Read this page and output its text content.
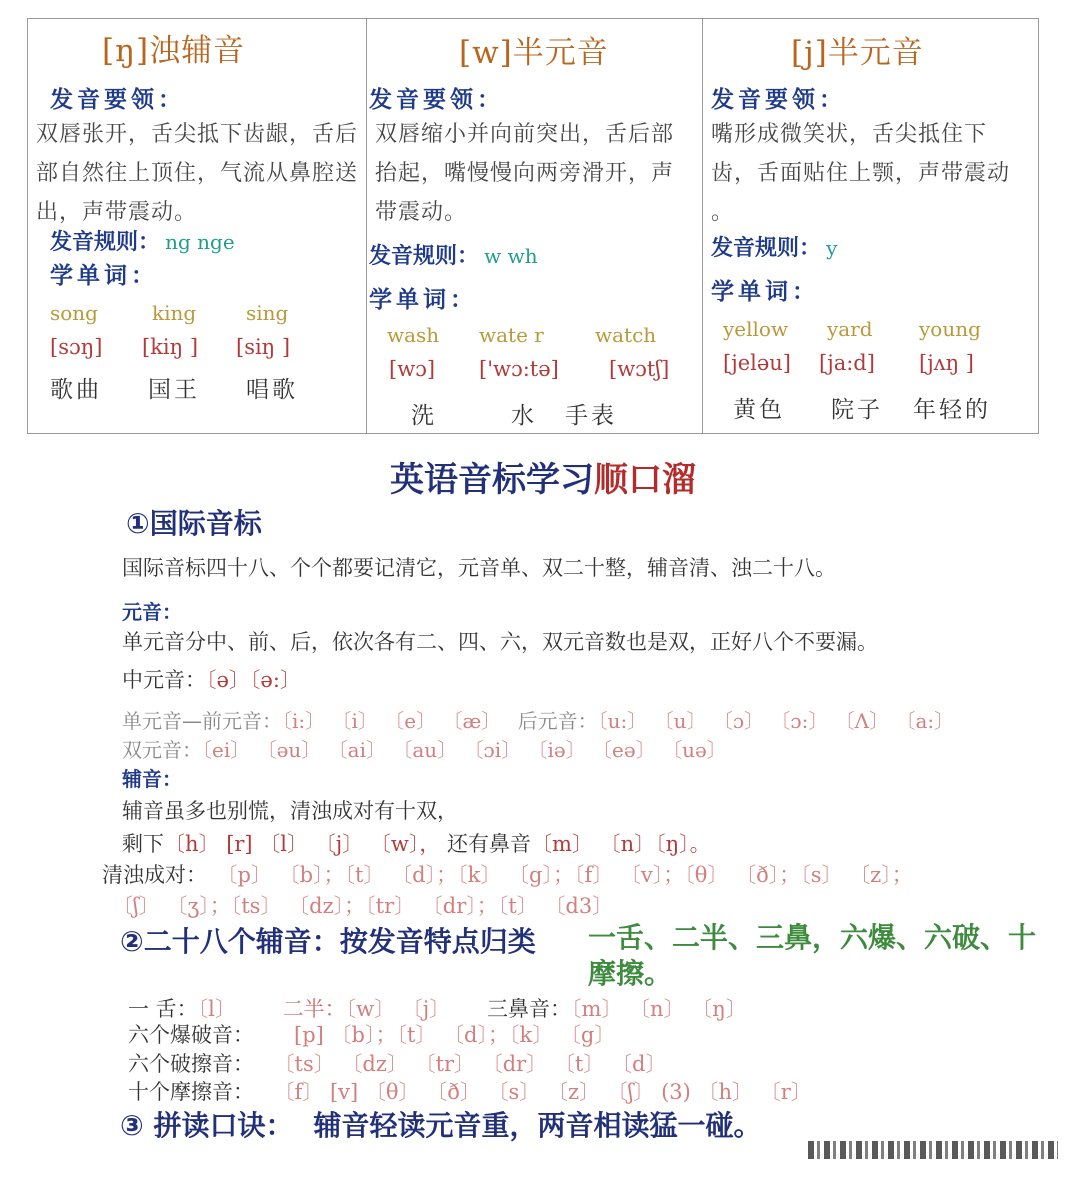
[ŋ]浊辅音
发音要领：
双唇张开，舌尖抵下齿龈，舌后部自然往上顶住，气流从鼻腔送出，声带震动。
发音规则： ng nge
学单词：
song	king sing
[sɔŋ] [kiŋ ] [siŋ ]
歌曲 国王 唱歌
[w]半元音
发音要领：
双唇缩小并向前突出，舌后部抬起，嘴慢慢向两旁滑开，声带震动。
发音规则： w wh
学单词：
wash wate r	watch
[wɔ] ['wɔ:tə] [wɔtʃ]
洗	水 手表
[j]半元音
发音要领：
嘴形成微笑状，舌尖抵住下齿，舌面贴住上颚，声带震动 。
发音规则： y
学单词：
yellow yard young
[jeləu] [ja:d] [jʌŋ ]
黄色 院子 年轻的
英语音标学习顺口溜
①国际音标
国际音标四十八、个个都要记清它，元音单、双二十整，辅音清、浊二十八。
元音：
单元音分中、前、后，依次各有二、四、六，双元音数也是双，正好八个不要漏。
中元音：〔ə〕〔ə:〕
单元音—前元音：〔i:〕 〔i〕 〔e〕 〔æ〕 后元音：〔u:〕 〔u〕 〔ɔ〕 〔ɔ:〕 〔Λ〕 〔a:〕
双元音：〔ei〕 〔əu〕 〔ai〕 〔au〕 〔ɔi〕 〔iə〕 〔eə〕 〔uə〕
辅音：
辅音虽多也别慌，清浊成对有十双，
剩下〔h〕 [r] 〔l〕 〔j〕 〔w〕， 还有鼻音〔m〕 〔n〕〔ŋ〕。
清浊成对： 〔p〕 〔b〕；〔t〕 〔d〕；〔k〕 〔g〕；〔f〕 〔v〕；〔θ〕 〔ð〕；〔s〕 〔z〕；
〔ʃ〕 〔ʒ〕；〔ts〕 〔dz〕；〔tr〕 〔dr〕；〔t〕 〔d3〕
②二十八个辅音：按发音特点归类 一舌、二半、三鼻，六爆、六破、十摩擦。
一 舌：〔l〕 二半：〔w〕 〔j〕 三鼻音：〔m〕 〔n〕 〔ŋ〕
六个爆破音： [p] 〔b〕；〔t〕 〔d〕；〔k〕 〔g〕
六个破擦音： 〔ts〕 〔dz〕 〔tr〕 〔dr〕 〔t〕 〔d〕
十个摩擦音： 〔f〕 [v] 〔θ〕 〔ð〕 〔s〕 〔z〕 〔ʃ〕 (3) 〔h〕 〔r〕
③ 拼读口诀： 辅音轻读元音重，两音相读猛一碰。
